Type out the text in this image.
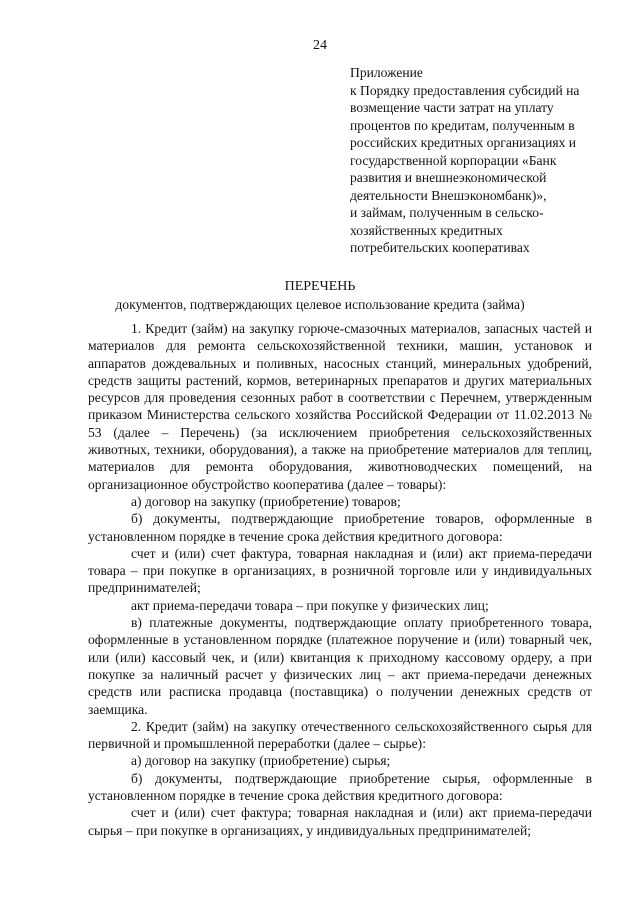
24
Приложение
к Порядку предоставления субсидий на
возмещение части затрат на уплату
процентов по кредитам, полученным в
российских кредитных организациях и
государственной корпорации «Банк
развития и внешнеэкономической
деятельности Внешэкономбанк)»,
и займам, полученным в сельско-
хозяйственных кредитных
потребительских кооперативах
ПЕРЕЧЕНЬ
документов, подтверждающих целевое использование кредита (займа)

1. Кредит (займ) на закупку горюче-смазочных материалов, запасных частей и материалов для ремонта сельскохозяйственной техники, машин, установок и аппаратов дождевальных и поливных, насосных станций, минеральных удобрений, средств защиты растений, кормов, ветеринарных препаратов и других материальных ресурсов для проведения сезонных работ в соответствии с Перечнем, утвержденным приказом Министерства сельского хозяйства Российской Федерации от 11.02.2013 № 53 (далее – Перечень) (за исключением приобретения сельскохозяйственных животных, техники, оборудования), а также на приобретение материалов для теплиц, материалов для ремонта оборудования, животноводческих помещений, на организационное обустройство кооператива (далее – товары):

а) договор на закупку (приобретение) товаров;

б) документы, подтверждающие приобретение товаров, оформленные в установленном порядке в течение срока действия кредитного договора:

счет и (или) счет фактура, товарная накладная и (или) акт приема-передачи товара – при покупке в организациях, в розничной торговле или у индивидуальных предпринимателей;

акт приема-передачи товара – при покупке у физических лиц;

в) платежные документы, подтверждающие оплату приобретенного товара, оформленные в установленном порядке (платежное поручение и (или) товарный чек, или (или) кассовый чек, и (или) квитанция к приходному кассовому ордеру, а при покупке за наличный расчет у физических лиц – акт приема-передачи денежных средств или расписка продавца (поставщика) о получении денежных средств от заемщика.

2. Кредит (займ) на закупку отечественного сельскохозяйственного сырья для первичной и промышленной переработки (далее – сырье):

а) договор на закупку (приобретение) сырья;

б) документы, подтверждающие приобретение сырья, оформленные в установленном порядке в течение срока действия кредитного договора:

счет и (или) счет фактура; товарная накладная и (или) акт приема-передачи сырья – при покупке в организациях, у индивидуальных предпринимателей;
